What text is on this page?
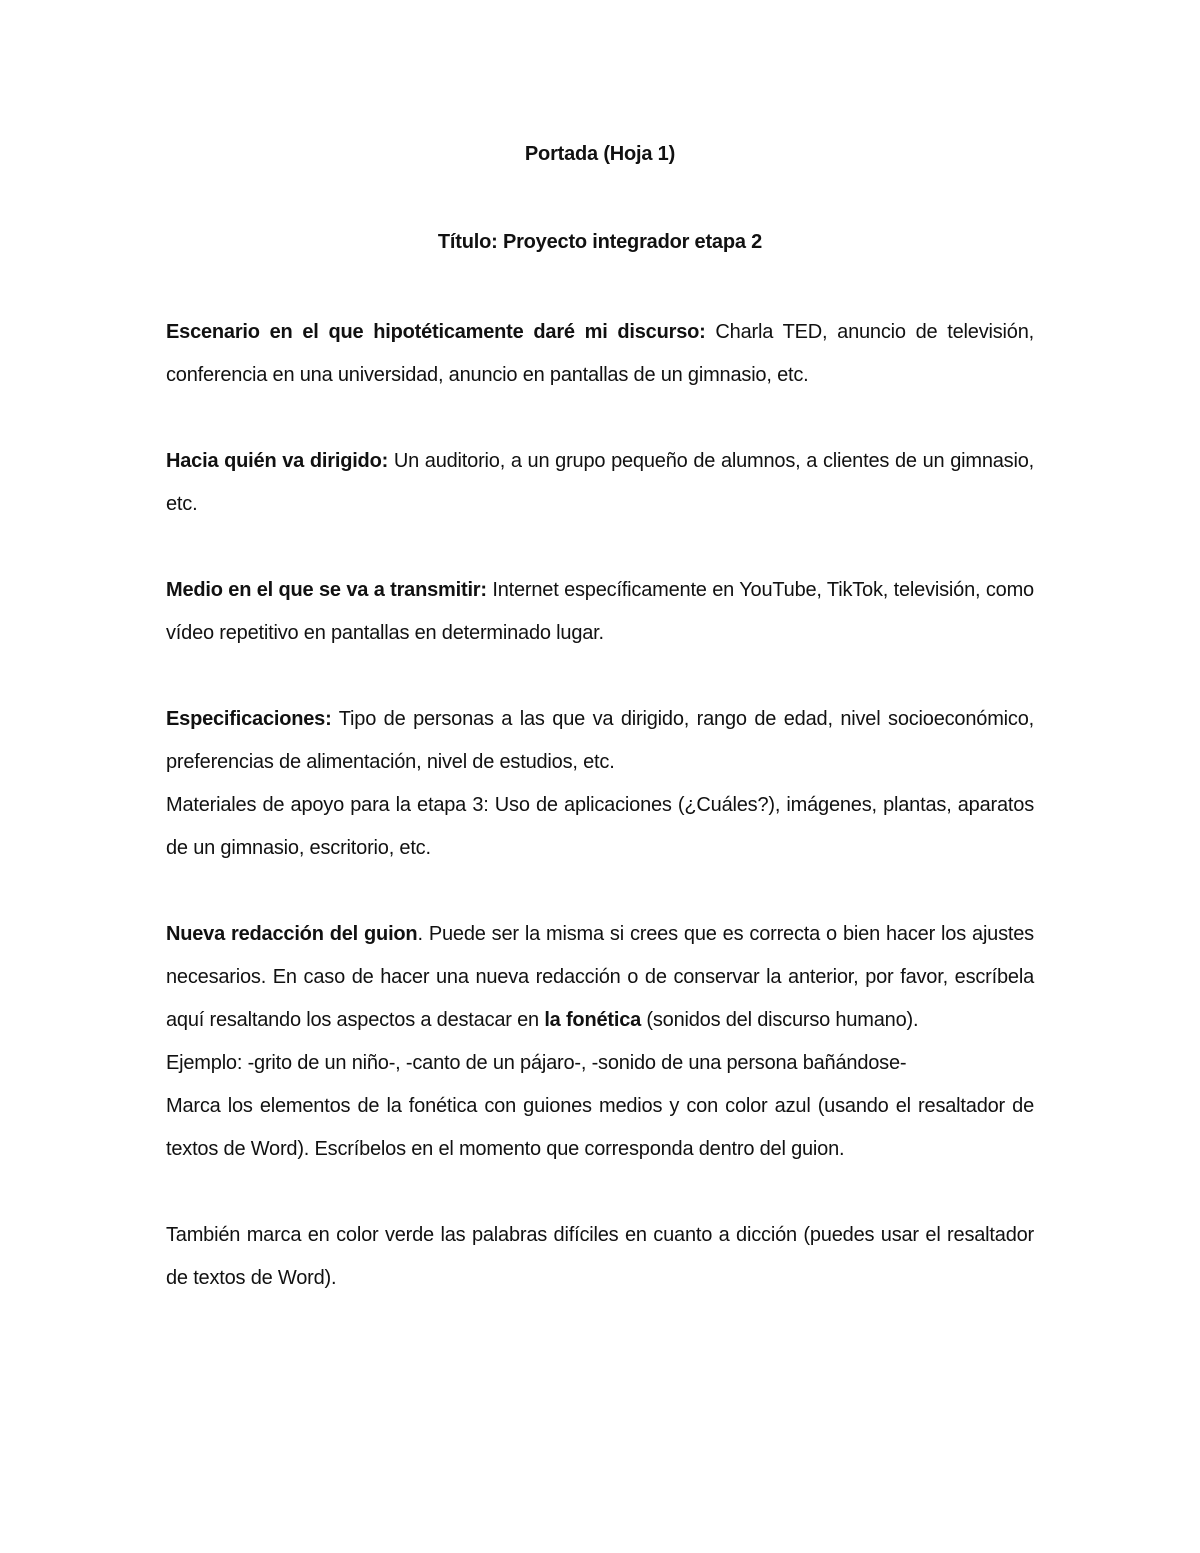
Portada (Hoja 1)

Título: Proyecto integrador etapa 2

Escenario en el que hipotéticamente daré mi discurso: Charla TED, anuncio de televisión, conferencia en una universidad, anuncio en pantallas de un gimnasio, etc.

Hacia quién va dirigido: Un auditorio, a un grupo pequeño de alumnos, a clientes de un gimnasio, etc.

Medio en el que se va a transmitir: Internet específicamente en YouTube, TikTok, televisión, como vídeo repetitivo en pantallas en determinado lugar.

Especificaciones: Tipo de personas a las que va dirigido, rango de edad, nivel socioeconómico, preferencias de alimentación, nivel de estudios, etc.

Materiales de apoyo para la etapa 3: Uso de aplicaciones (¿Cuáles?), imágenes, plantas, aparatos de un gimnasio, escritorio, etc.

Nueva redacción del guion. Puede ser la misma si crees que es correcta o bien hacer los ajustes necesarios. En caso de hacer una nueva redacción o de conservar la anterior, por favor, escríbela aquí resaltando los aspectos a destacar en la fonética (sonidos del discurso humano).

Ejemplo: -grito de un niño-, -canto de un pájaro-, -sonido de una persona bañándose-

Marca los elementos de la fonética con guiones medios y con color azul (usando el resaltador de textos de Word). Escríbelos en el momento que corresponda dentro del guion.

También marca en color verde las palabras difíciles en cuanto a dicción (puedes usar el resaltador de textos de Word).
